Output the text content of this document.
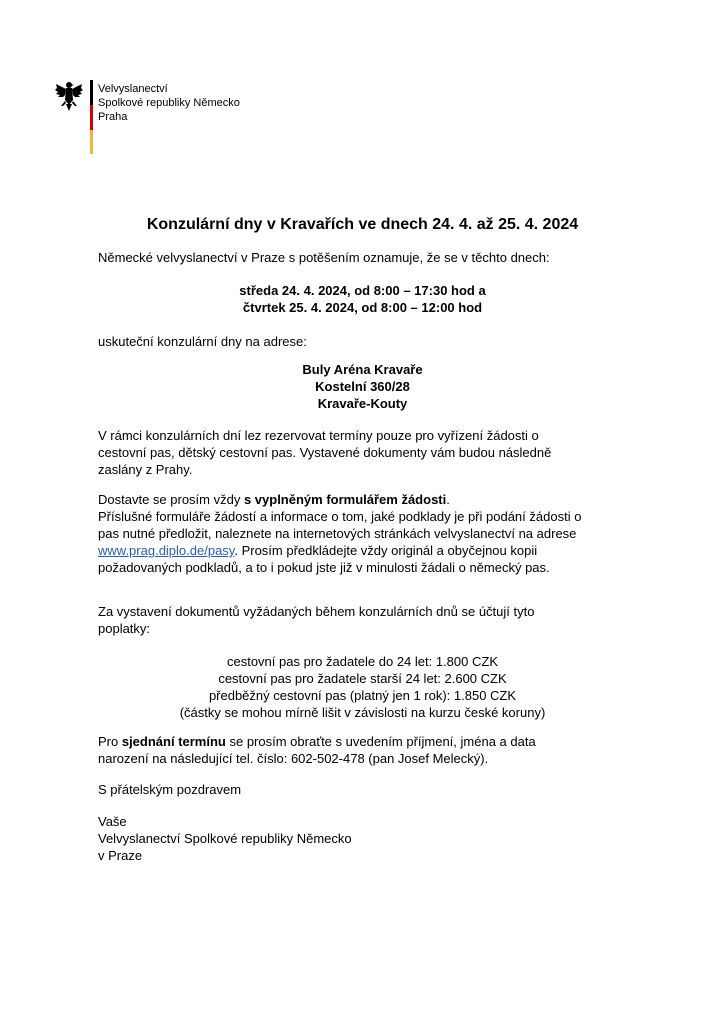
Velvyslanectví
Spolkové republiky Německo
Praha
Konzulární dny v Kravařích ve dnech 24. 4. až 25. 4. 2024
Německé velvyslanectví v Praze s potěšením oznamuje, že se v těchto dnech:
středa 24. 4. 2024, od 8:00 – 17:30 hod a
čtvrtek 25. 4. 2024, od 8:00 – 12:00 hod
uskuteční konzulární dny na adrese:
Buly Aréna Kravaře
Kostelní 360/28
Kravaře-Kouty
V rámci konzulárních dní lez rezervovat termíny pouze pro vyřízení žádosti o
cestovní pas, dětský cestovní pas. Vystavené dokumenty vám budou následně
zaslány z Prahy.
Dostavte se prosím vždy s vyplněným formulářem žádosti.
Příslušné formuláře žádostí a informace o tom, jaké podklady je při podání žádosti o
pas nutné předložit, naleznete na internetových stránkách velvyslanectví na adrese
www.prag.diplo.de/pasy. Prosím předkládejte vždy originál a obyčejnou kopii
požadovaných podkladů, a to i pokud jste již v minulosti žádali o německý pas.
Za vystavení dokumentů vyžádaných během konzulárních dnů se účtují tyto
poplatky:
cestovní pas pro žadatele do 24 let: 1.800 CZK
cestovní pas pro žadatele starší 24 let: 2.600 CZK
předběžný cestovní pas (platný jen 1 rok): 1.850 CZK
(částky se mohou mírně lišit v závislosti na kurzu české koruny)
Pro sjednání termínu se prosím obraťte s uvedením příjmení, jména a data
narození na následující tel. číslo: 602-502-478 (pan Josef Melecký).
S přátelským pozdravem
Vaše
Velvyslanectví Spolkové republiky Německo
v Praze
